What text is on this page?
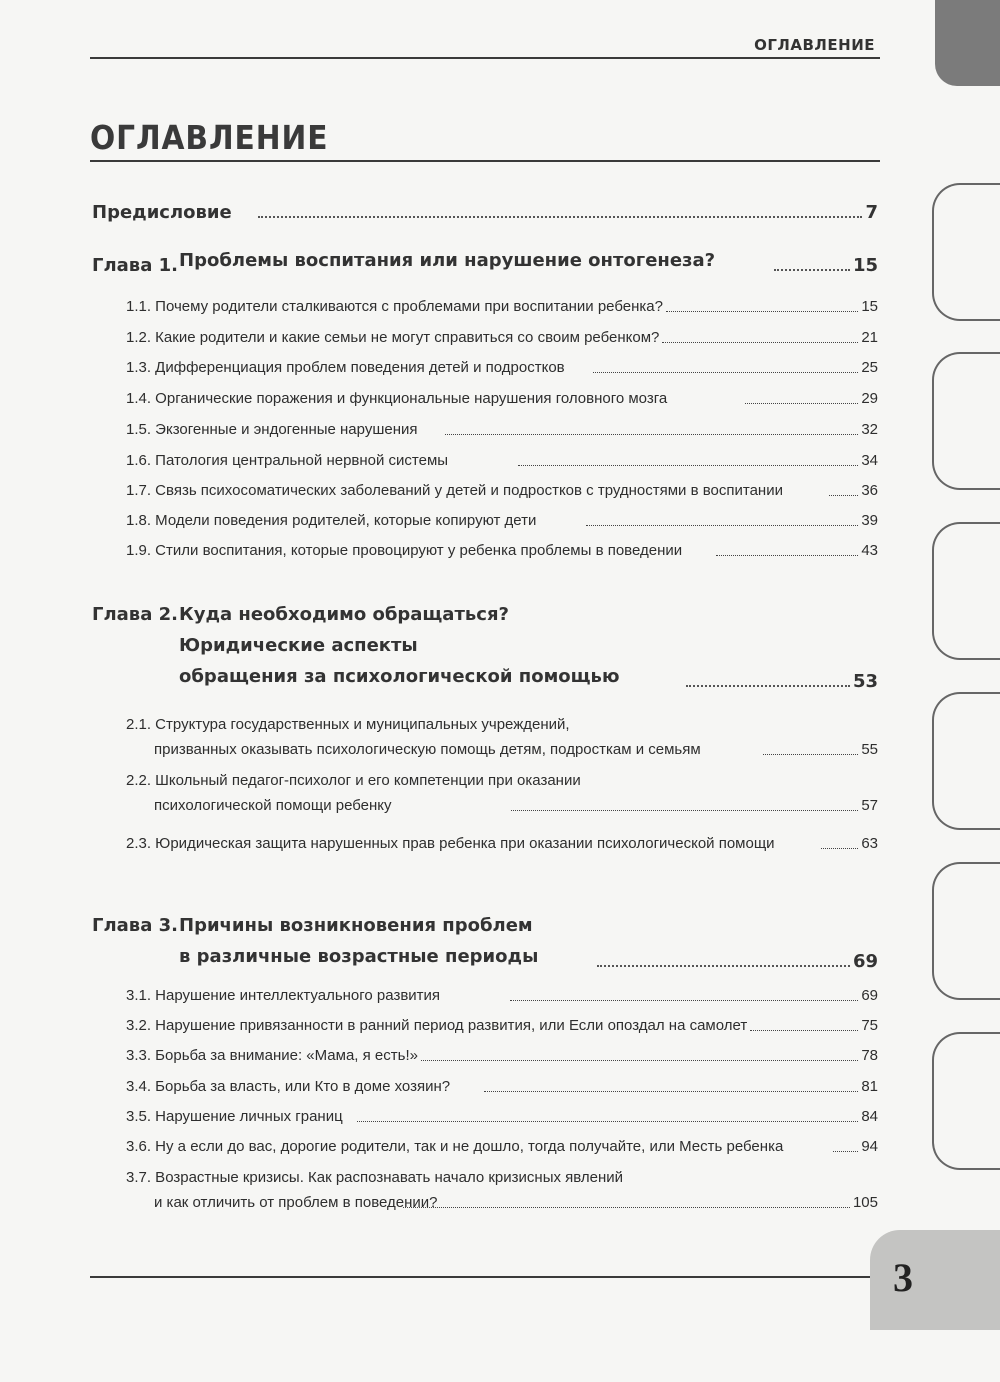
ОГЛАВЛЕНИЕ
ОГЛАВЛЕНИЕ
Предисловие	7
Глава 1. Проблемы воспитания или нарушение онтогенеза?	15
1.1. Почему родители сталкиваются с проблемами при воспитании ребенка?	15
1.2. Какие родители и какие семьи не могут справиться со своим ребенком?	21
1.3. Дифференциация проблем поведения детей и подростков	25
1.4. Органические поражения и функциональные нарушения головного мозга	29
1.5. Экзогенные и эндогенные нарушения	32
1.6. Патология центральной нервной системы	34
1.7. Связь психосоматических заболеваний у детей и подростков с трудностями в воспитании	36
1.8. Модели поведения родителей, которые копируют дети	39
1.9. Стили воспитания, которые провоцируют у ребенка проблемы в поведении	43
Глава 2. Куда необходимо обращаться?
Юридические аспекты
обращения за психологической помощью	53
2.1. Структура государственных и муниципальных учреждений,
призванных оказывать психологическую помощь детям, подросткам и семьям	55
2.2. Школьный педагог-психолог и его компетенции при оказании
психологической помощи ребенку	57
2.3. Юридическая защита нарушенных прав ребенка при оказании психологической помощи	63
Глава 3. Причины возникновения проблем
в различные возрастные периоды	69
3.1. Нарушение интеллектуального развития	69
3.2. Нарушение привязанности в ранний период развития, или Если опоздал на самолет	75
3.3. Борьба за внимание: «Мама, я есть!»	78
3.4. Борьба за власть, или Кто в доме хозяин?	81
3.5. Нарушение личных границ	84
3.6. Ну а если до вас, дорогие родители, так и не дошло, тогда получайте, или Месть ребенка	94
3.7. Возрастные кризисы. Как распознавать начало кризисных явлений
и как отличить от проблем в поведении?	105
3
